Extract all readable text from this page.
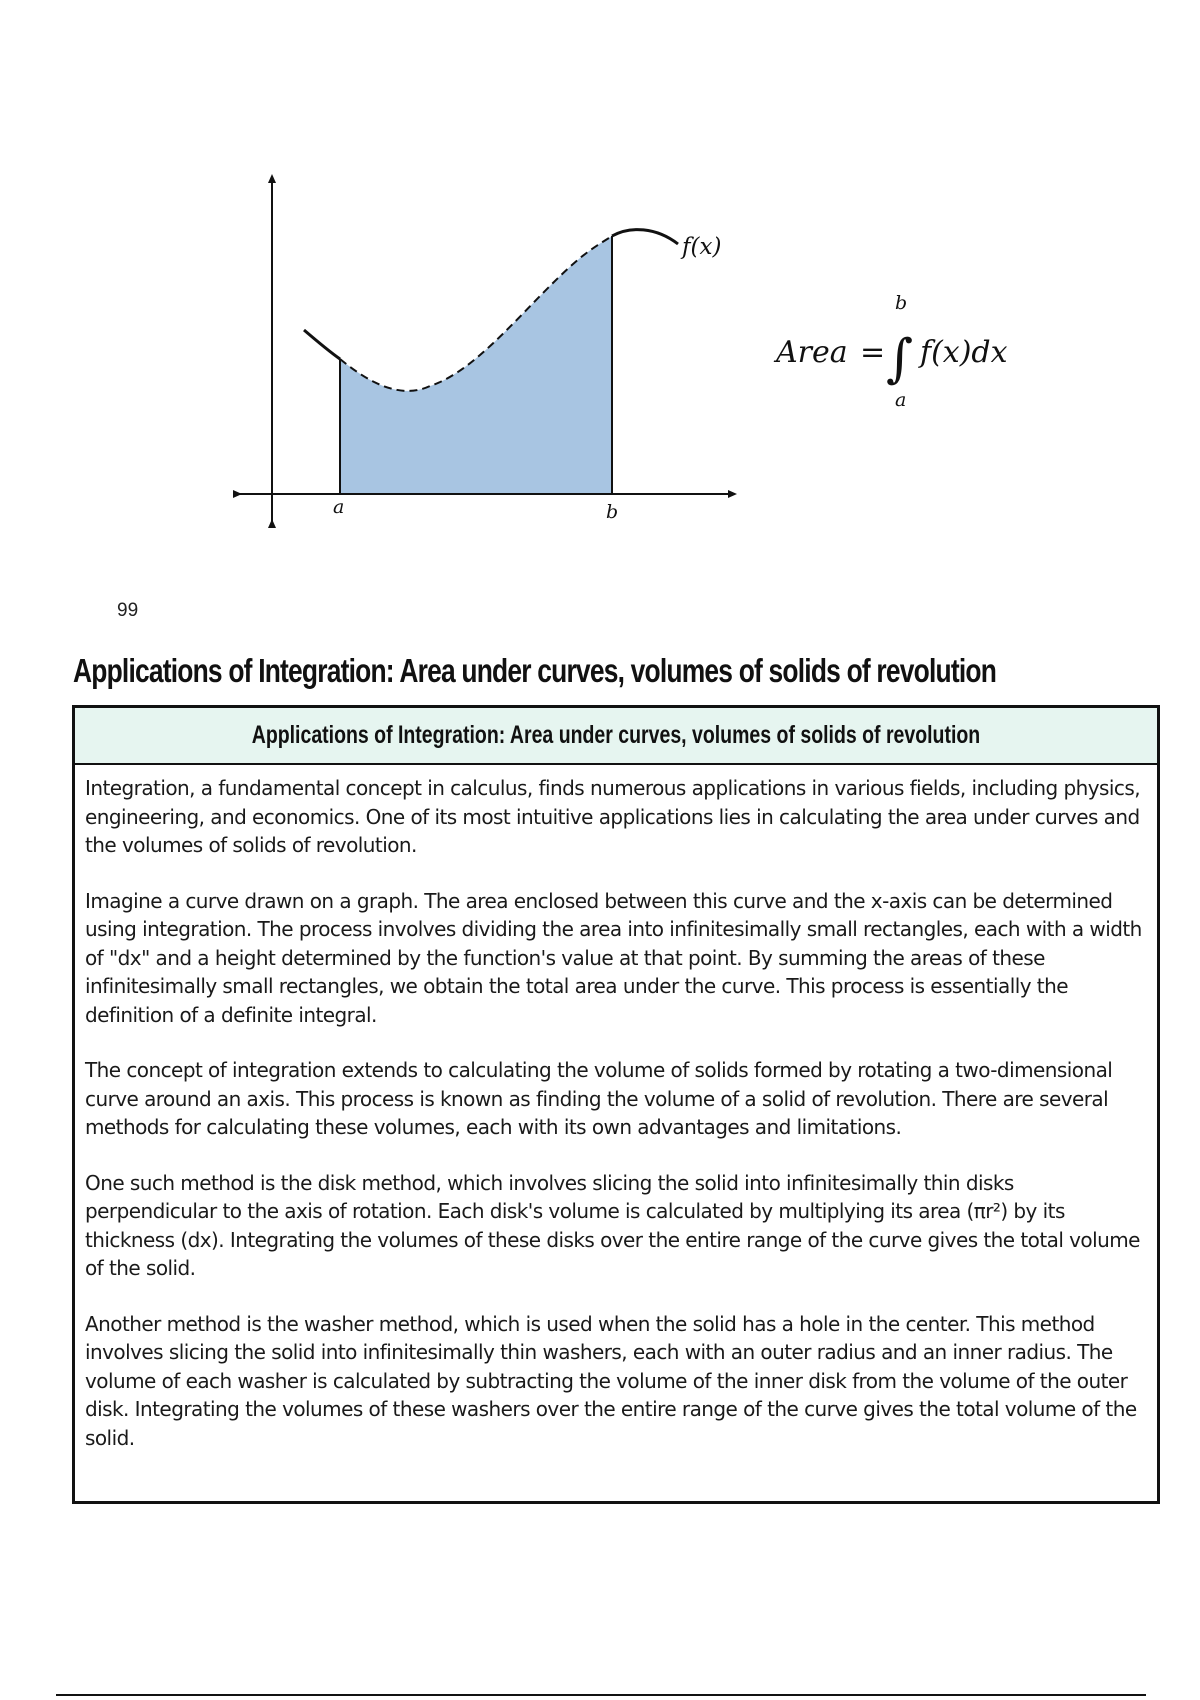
f(x)
a	b
Area = ∫
b
a
f(x)dx
99
Applications of Integration: Area under curves, volumes of solids of revolution
Applications of Integration: Area under curves, volumes of solids of revolution

Integration, a fundamental concept in calculus, finds numerous applications in various fields, including physics, engineering, and economics. One of its most intuitive applications lies in calculating the area under curves and the volumes of solids of revolution.

Imagine a curve drawn on a graph. The area enclosed between this curve and the x-axis can be determined using integration. The process involves dividing the area into infinitesimally small rectangles, each with a width of "dx" and a height determined by the function's value at that point. By summing the areas of these infinitesimally small rectangles, we obtain the total area under the curve. This process is essentially the definition of a definite integral.

The concept of integration extends to calculating the volume of solids formed by rotating a two-dimensional curve around an axis. This process is known as finding the volume of a solid of revolution. There are several methods for calculating these volumes, each with its own advantages and limitations.

One such method is the disk method, which involves slicing the solid into infinitesimally thin disks perpendicular to the axis of rotation. Each disk's volume is calculated by multiplying its area (πr²) by its thickness (dx). Integrating the volumes of these disks over the entire range of the curve gives the total volume of the solid.

Another method is the washer method, which is used when the solid has a hole in the center. This method involves slicing the solid into infinitesimally thin washers, each with an outer radius and an inner radius. The volume of each washer is calculated by subtracting the volume of the inner disk from the volume of the outer disk. Integrating the volumes of these washers over the entire range of the curve gives the total volume of the solid.
